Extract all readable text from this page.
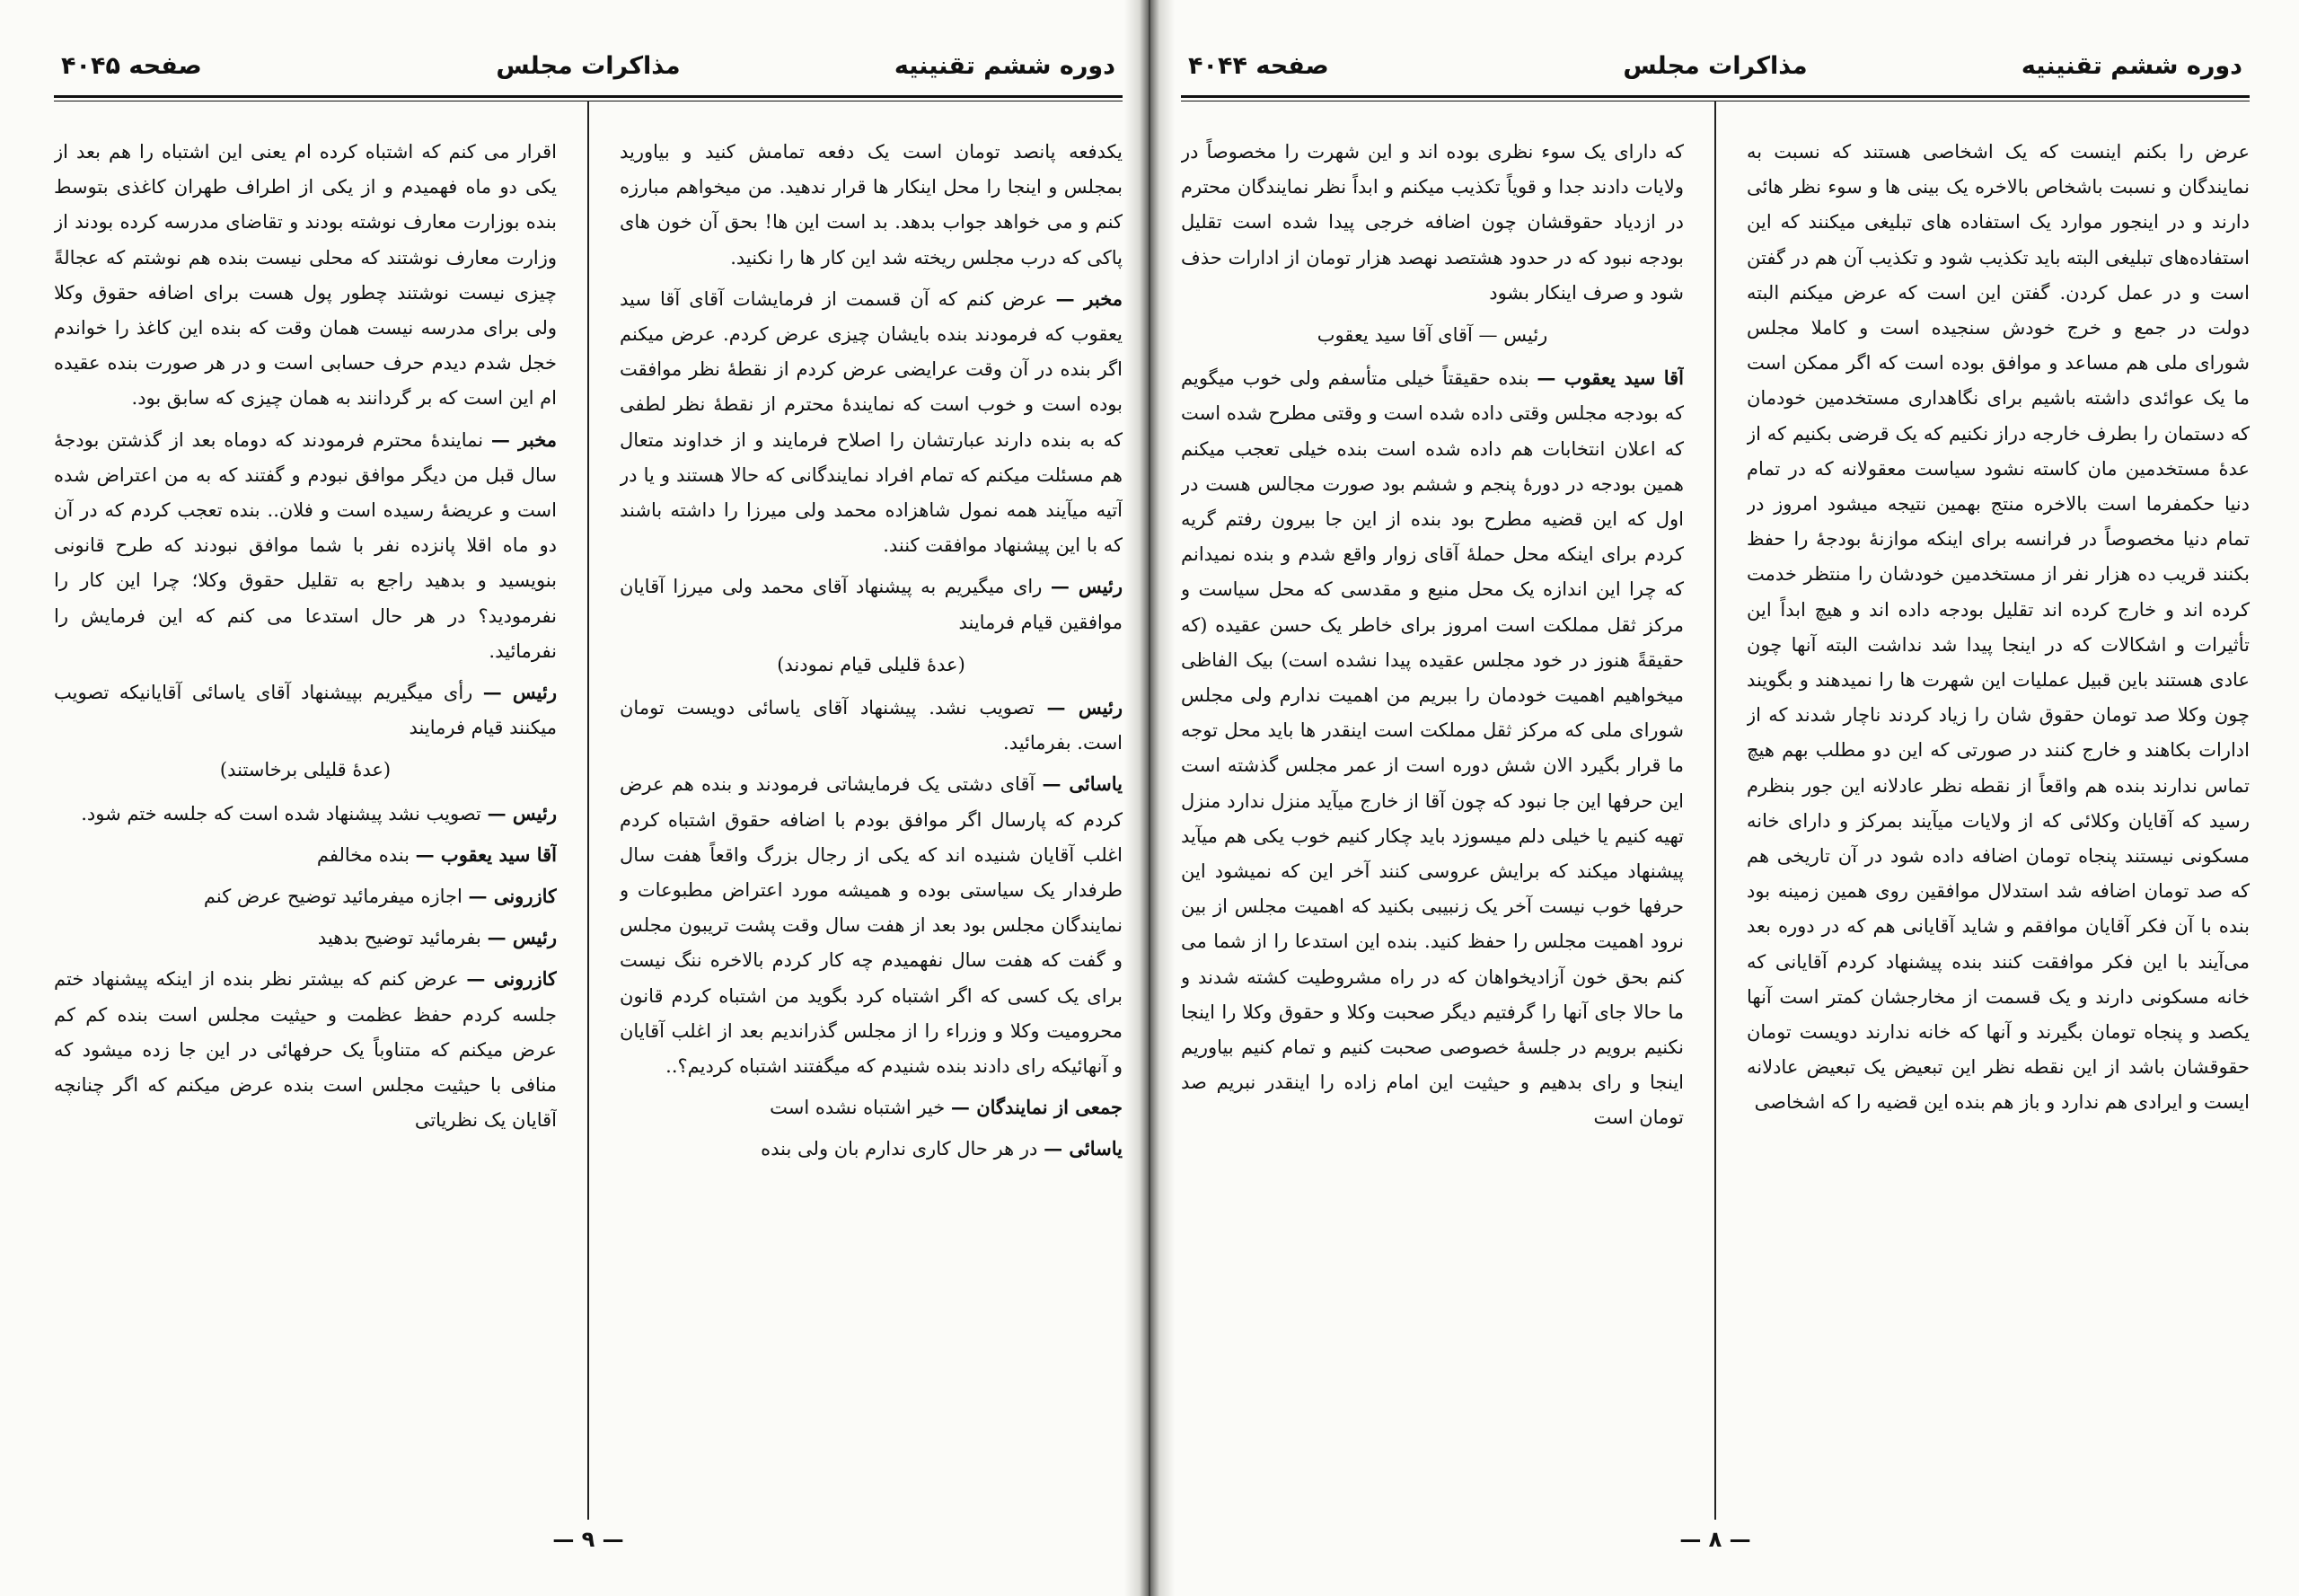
دوره ششم تقنینیه
مذاکرات مجلس
صفحه ۴۰۴۵

یکدفعه پانصد تومان است یک دفعه تمامش کنید و بیاورید بمجلس و اینجا را محل اینکار ها قرار ندهید. من میخواهم مبارزه کنم و می خواهد جواب بدهد. بد است این ها! بحق آن خون های پاکی که درب مجلس ریخته شد این کار ها را نکنید.

مخبر — عرض کنم که آن قسمت از فرمایشات آقای آقا سید یعقوب که فرمودند بنده بایشان چیزی عرض کردم. عرض میکنم اگر بنده در آن وقت عرایضی عرض کردم از نقطهٔ نظر موافقت بوده است و خوب است که نمایندهٔ محترم از نقطهٔ نظر لطفی که به بنده دارند عبارتشان را اصلاح فرمایند و از خداوند متعال هم مسئلت میکنم که تمام افراد نمایندگانی که حالا هستند و یا در آتیه میآیند همه نمول شاهزاده محمد ولی میرزا را داشته باشند که با این پیشنهاد موافقت کنند.

رئیس — رای میگیریم به پیشنهاد آقای محمد ولی میرزا آقایان موافقین قیام فرمایند

(عدهٔ قلیلی قیام نمودند)

رئیس — تصویب نشد. پیشنهاد آقای یاسائی دویست تومان است. بفرمائید.

یاسائی — آقای دشتی یک فرمایشاتی فرمودند و بنده هم عرض کردم که پارسال اگر موافق بودم با اضافه حقوق اشتباه کردم اغلب آقایان شنیده اند که یکی از رجال بزرگ واقعاً هفت سال طرفدار یک سیاستی بوده و همیشه مورد اعتراض مطبوعات و نمایندگان مجلس بود بعد از هفت سال وقت پشت تریبون مجلس و گفت که هفت سال نفهمیدم چه کار کردم بالاخره ننگ نیست برای یک کسی که اگر اشتباه کرد بگوید من اشتباه کردم قانون محرومیت وکلا و وزراء را از مجلس گذراندیم بعد از اغلب آقایان و آنهائیکه رای دادند بنده شنیدم که میگفتند اشتباه کردیم؟..

جمعی از نمایندگان — خیر اشتباه نشده است

یاسائی — در هر حال کاری ندارم بان ولی بنده

اقرار می کنم که اشتباه کرده ام یعنی این اشتباه را هم بعد از یکی دو ماه فهمیدم و از یکی از اطراف طهران کاغذی بتوسط بنده بوزارت معارف نوشته بودند و تقاضای مدرسه کرده بودند از وزارت معارف نوشتند که محلی نیست بنده هم نوشتم که عجالةً چیزی نیست نوشتند چطور پول هست برای اضافه حقوق وکلا ولی برای مدرسه نیست همان وقت که بنده این کاغذ را خواندم خجل شدم دیدم حرف حسابی است و در هر صورت بنده عقیده ام این است که بر گردانند به همان چیزی که سابق بود.

مخبر — نمایندهٔ محترم فرمودند که دوماه بعد از گذشتن بودجهٔ سال قبل من دیگر موافق نبودم و گفتند که به من اعتراض شده است و عریضهٔ رسیده است و فلان.. بنده تعجب کردم که در آن دو ماه اقلا پانزده نفر با شما موافق نبودند که طرح قانونی بنویسید و بدهید راجع به تقلیل حقوق وکلا؛ چرا این کار را نفرمودید؟ در هر حال استدعا می کنم که این فرمایش را نفرمائید.

رئیس — رأی میگیریم بپیشنهاد آقای یاسائی آقایانیکه تصویب میکنند قیام فرمایند

(عدهٔ قلیلی برخاستند)

رئیس — تصویب نشد پیشنهاد شده است که جلسه ختم شود.

آقا سید یعقوب — بنده مخالفم

کازرونی — اجازه میفرمائید توضیح عرض کنم

رئیس — بفرمائید توضیح بدهید

کازرونی — عرض کنم که بیشتر نظر بنده از اینکه پیشنهاد ختم جلسه کردم حفظ عظمت و حیثیت مجلس است بنده کم کم عرض میکنم که متناوباً یک حرفهائی در این جا زده میشود که منافی با حیثیت مجلس است بنده عرض میکنم که اگر چنانچه آقایان یک نظریاتی

— ۹ —
دوره ششم تقنینیه
مذاکرات مجلس
صفحه ۴۰۴۴

عرض را بکنم اینست که یک اشخاصی هستند که نسبت به نمایندگان و نسبت باشخاص بالاخره یک بینی ها و سوء نظر هائی دارند و در اینجور موارد یک استفاده های تبلیغی میکنند که این استفاده‌های تبلیغی البته باید تکذیب شود و تکذیب آن هم در گفتن است و در عمل کردن. گفتن این است که عرض میکنم البته دولت در جمع و خرج خودش سنجیده است و کاملا مجلس شورای ملی هم مساعد و موافق بوده است که اگر ممکن است ما یک عوائدی داشته باشیم برای نگاهداری مستخدمین خودمان که دستمان را بطرف خارجه دراز نکنیم که یک قرضی بکنیم که از عدهٔ مستخدمین مان کاسته نشود سیاست معقولانه که در تمام دنیا حکمفرما است بالاخره منتج بهمین نتیجه میشود امروز در تمام دنیا مخصوصاً در فرانسه برای اینکه موازنهٔ بودجهٔ را حفظ بکنند قریب ده هزار نفر از مستخدمین خودشان را منتظر خدمت کرده اند و خارج کرده اند تقلیل بودجه داده اند و هیچ ابداً این تأثیرات و اشکالات که در اینجا پیدا شد نداشت البته آنها چون عادی هستند باین قبیل عملیات این شهرت ها را نمیدهند و بگویند چون وکلا صد تومان حقوق شان را زیاد کردند ناچار شدند که از ادارات بکاهند و خارج کنند در صورتی که این دو مطلب بهم هیچ تماس ندارند بنده هم واقعاً از نقطه نظر عادلانه این جور بنظرم رسید که آقایان وکلائی که از ولایات میآیند بمرکز و دارای خانه مسکونی نیستند پنجاه تومان اضافه داده شود در آن تاریخی هم که صد تومان اضافه شد استدلال موافقین روی همین زمینه بود بنده با آن فکر آقایان موافقم و شاید آقایانی هم که در دوره بعد می‌آیند با این فکر موافقت کنند بنده پیشنهاد کردم آقایانی که خانه مسکونی دارند و یک قسمت از مخارجشان کمتر است آنها یکصد و پنجاه تومان بگیرند و آنها که خانه ندارند دویست تومان حقوقشان باشد از این نقطه نظر این تبعیض یک تبعیض عادلانه ایست و ایرادی هم ندارد و باز هم بنده این قضیه را که اشخاصی

که دارای یک سوء نظری بوده اند و این شهرت را مخصوصاً در ولایات دادند جدا و قویاً تکذیب میکنم و ابداً نظر نمایندگان محترم در ازدیاد حقوقشان چون اضافه خرجی پیدا شده است تقلیل بودجه نبود که در حدود هشتصد نهصد هزار تومان از ادارات حذف شود و صرف اینکار بشود

رئیس — آقای آقا سید یعقوب

آقا سید یعقوب — بنده حقیقتاً خیلی متأسفم ولی خوب میگویم که بودجه مجلس وقتی داده شده است و وقتی مطرح شده است که اعلان انتخابات هم داده شده است بنده خیلی تعجب میکنم همین بودجه در دورهٔ پنجم و ششم بود صورت مجالس هست در اول که این قضیه مطرح بود بنده از این جا بیرون رفتم گریه کردم برای اینکه محل حملهٔ آقای زوار واقع شدم و بنده نمیدانم که چرا این اندازه یک محل منیع و مقدسی که محل سیاست و مرکز ثقل مملکت است امروز برای خاطر یک حسن عقیده (که حقیقةً هنوز در خود مجلس عقیده پیدا نشده است) بیک الفاظی میخواهیم اهمیت خودمان را ببریم من اهمیت ندارم ولی مجلس شورای ملی که مرکز ثقل مملکت است اینقدر ها باید محل توجه ما قرار بگیرد الان شش دوره است از عمر مجلس گذشته است این حرفها این جا نبود که چون آقا از خارج میآید منزل ندارد منزل تهیه کنیم یا خیلی دلم میسوزد باید چکار کنیم خوب یکی هم میآید پیشنهاد میکند که برایش عروسی کنند آخر این که نمیشود این حرفها خوب نیست آخر یک زنبیبی بکنید که اهمیت مجلس از بین نرود اهمیت مجلس را حفظ کنید. بنده این استدعا را از شما می کنم بحق خون آزادیخواهان که در راه مشروطیت کشته شدند و ما حالا جای آنها را گرفتیم دیگر صحبت وکلا و حقوق وکلا را اینجا نکنیم برویم در جلسهٔ خصوصی صحبت کنیم و تمام کنیم بیاوریم اینجا و رای بدهیم و حیثیت این امام زاده را اینقدر نبریم صد تومان است

— ۸ —
